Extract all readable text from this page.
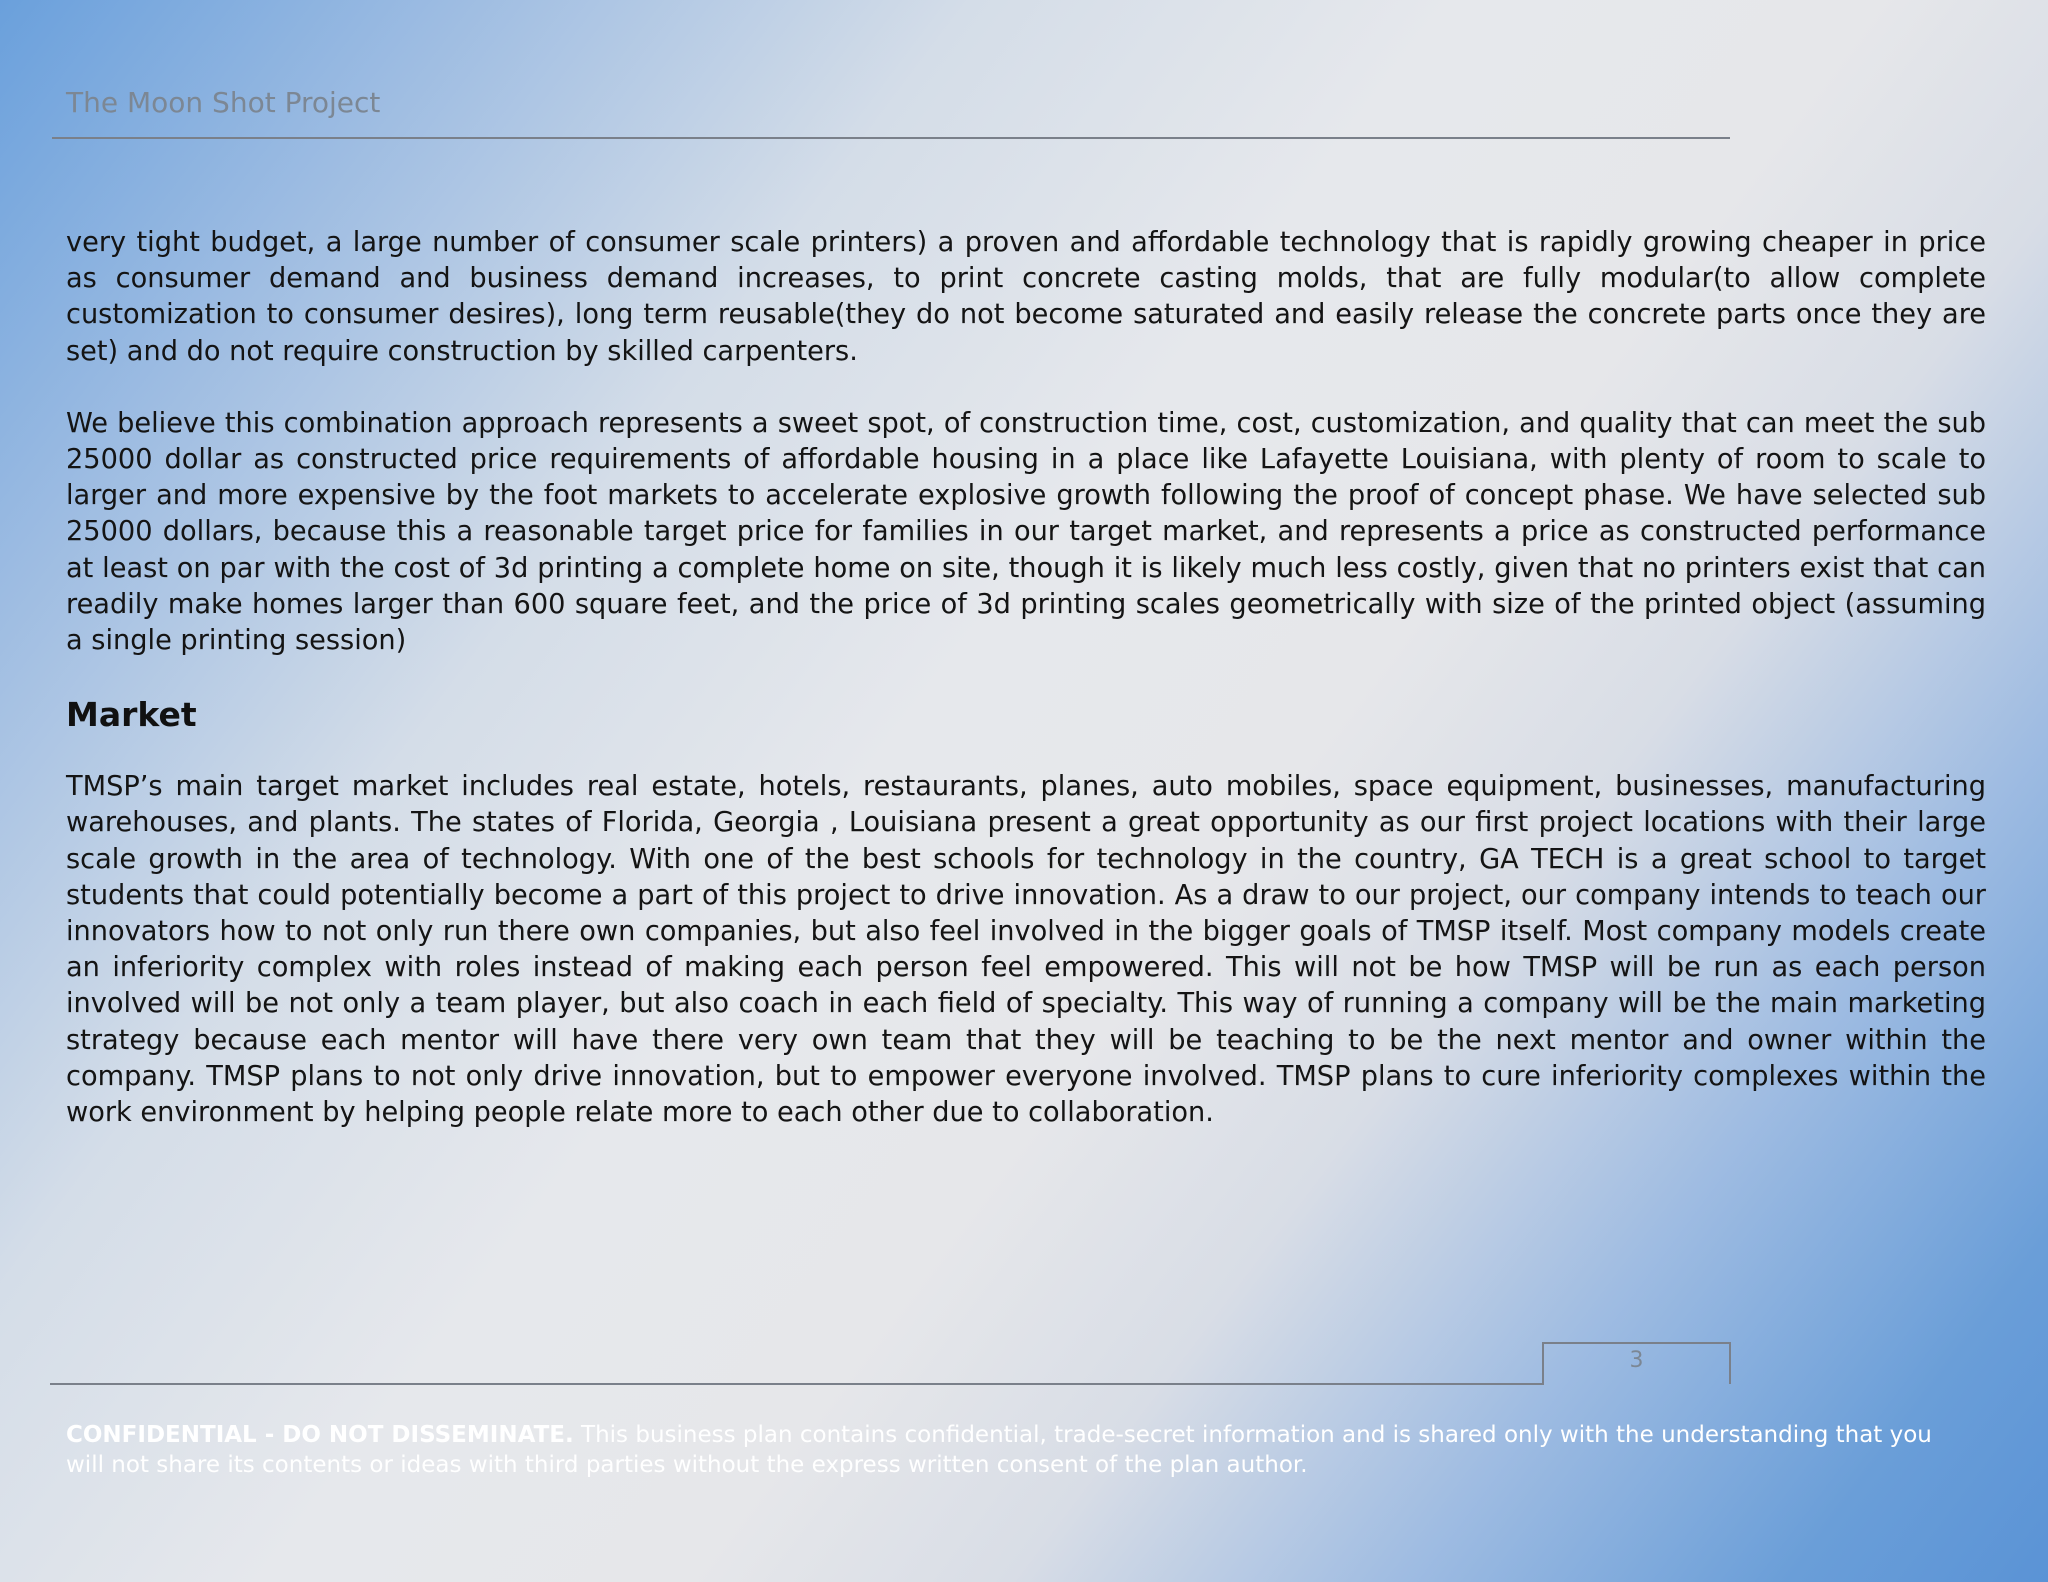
The Moon Shot Project

very tight budget, a large number of consumer scale printers) a proven and affordable technology that is rapidly growing cheaper in price as consumer demand and business demand increases, to print concrete casting molds, that are fully modular(to allow complete customization to consumer desires), long term reusable(they do not become saturated and easily release the concrete parts once they are set) and do not require construction by skilled carpenters.

We believe this combination approach represents a sweet spot, of construction time, cost, customization, and quality that can meet the sub 25000 dollar as constructed price requirements of affordable housing in a place like Lafayette Louisiana, with plenty of room to scale to larger and more expensive by the foot markets to accelerate explosive growth following the proof of concept phase. We have selected sub 25000 dollars, because this a reasonable target price for families in our target market, and represents a price as constructed performance at least on par with the cost of 3d printing a complete home on site, though it is likely much less costly, given that no printers exist that can readily make homes larger than 600 square feet, and the price of 3d printing scales geometrically with size of the printed object (assuming a single printing session)

Market

TMSP’s main target market includes real estate, hotels, restaurants, planes, auto mobiles, space equipment, businesses, manufacturing warehouses, and plants. The states of Florida, Georgia , Louisiana present a great opportunity as our first project locations with their large scale growth in the area of technology. With one of the best schools for technology in the country, GA TECH is a great school to target students that could potentially become a part of this project to drive innovation. As a draw to our project, our company intends to teach our innovators how to not only run there own companies, but also feel involved in the bigger goals of TMSP itself. Most company models create an inferiority complex with roles instead of making each person feel empowered. This will not be how TMSP will be run as each person involved will be not only a team player, but also coach in each field of specialty. This way of running a company will be the main marketing strategy because each mentor will have there very own team that they will be teaching to be the next mentor and owner within the company. TMSP plans to not only drive innovation, but to empower everyone involved. TMSP plans to cure inferiority complexes within the work environment by helping people relate more to each other due to collaboration.

3
CONFIDENTIAL - DO NOT DISSEMINATE. This business plan contains confidential, trade-secret information and is shared only with the understanding that you will not share its contents or ideas with third parties without the express written consent of the plan author.
